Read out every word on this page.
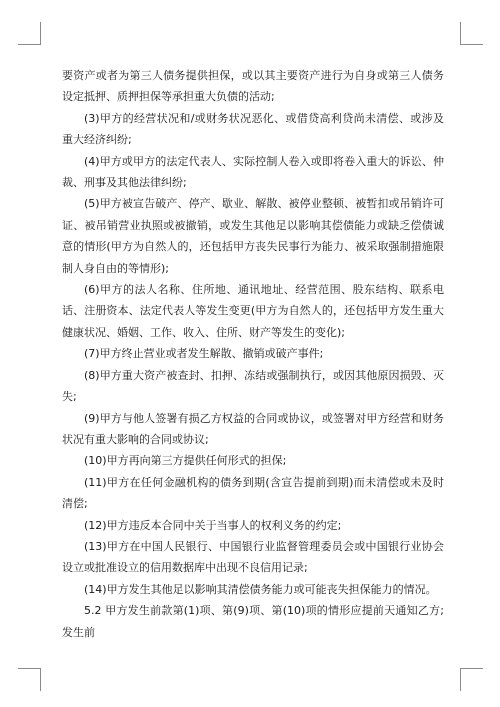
要资产或者为第三人债务提供担保，或以其主要资产进行为自身或第三人债务设定抵押、质押担保等承担重大负债的活动;

(3)甲方的经营状况和/或财务状况恶化、或借贷高利贷尚未清偿、或涉及重大经济纠纷;

(4)甲方或甲方的法定代表人、实际控制人卷入或即将卷入重大的诉讼、仲裁、刑事及其他法律纠纷;

(5)甲方被宣告破产、停产、歇业、解散、被停业整顿、被暂扣或吊销许可证、被吊销营业执照或被撤销，或发生其他足以影响其偿债能力或缺乏偿债诚意的情形(甲方为自然人的，还包括甲方丧失民事行为能力、被采取强制措施限制人身自由的等情形);

(6)甲方的法人名称、住所地、通讯地址、经营范围、股东结构、联系电话、注册资本、法定代表人等发生变更(甲方为自然人的，还包括甲方发生重大健康状况、婚姻、工作、收入、住所、财产等发生的变化);

(7)甲方终止营业或者发生解散、撤销或破产事件;

(8)甲方重大资产被查封、扣押、冻结或强制执行，或因其他原因损毁、灭失;

(9)甲方与他人签署有损乙方权益的合同或协议，或签署对甲方经营和财务状况有重大影响的合同或协议;

(10)甲方再向第三方提供任何形式的担保;

(11)甲方在任何金融机构的债务到期(含宣告提前到期)而未清偿或未及时清偿;

(12)甲方违反本合同中关于当事人的权利义务的约定;

(13)甲方在中国人民银行、中国银行业监督管理委员会或中国银行业协会设立或批准设立的信用数据库中出现不良信用记录;

(14)甲方发生其他足以影响其清偿债务能力或可能丧失担保能力的情况。

5.2 甲方发生前款第(1)项、第(9)项、第(10)项的情形应提前天通知乙方;发生前
